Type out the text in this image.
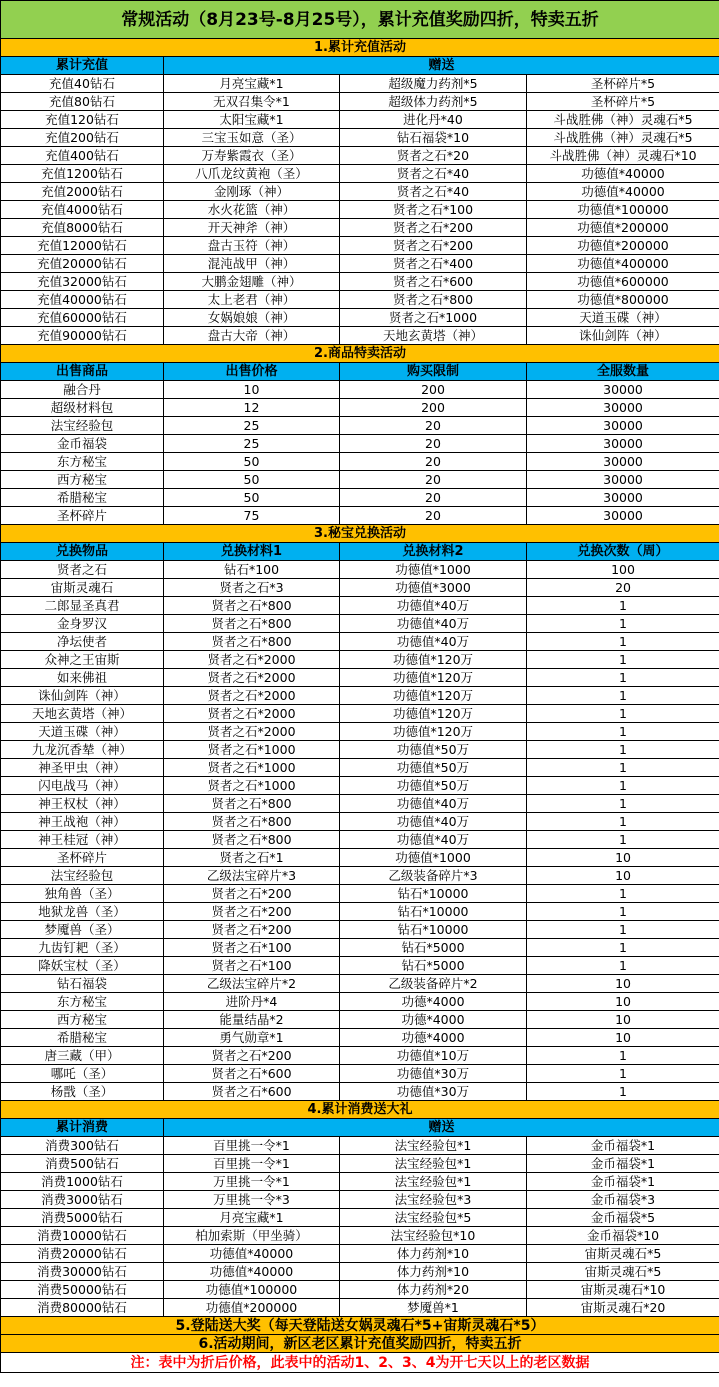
常规活动（8月23号-8月25号），累计充值奖励四折，特卖五折			
1.累计充值活动			
累计充值	赠送		
充值40钻石	月亮宝藏*1	超级魔力药剂*5	圣杯碎片*5
充值80钻石	无双召集令*1	超级体力药剂*5	圣杯碎片*5
充值120钻石	太阳宝藏*1	进化丹*40	斗战胜佛（神）灵魂石*5
充值200钻石	三宝玉如意（圣）	钻石福袋*10	斗战胜佛（神）灵魂石*5
充值400钻石	万寿紫霞衣（圣）	贤者之石*20	斗战胜佛（神）灵魂石*10
充值1200钻石	八爪龙纹黄袍（圣）	贤者之石*40	功德值*40000
充值2000钻石	金刚琢（神）	贤者之石*40	功德值*40000
充值4000钻石	水火花篮（神）	贤者之石*100	功德值*100000
充值8000钻石	开天神斧（神）	贤者之石*200	功德值*200000
充值12000钻石	盘古玉符（神）	贤者之石*200	功德值*200000
充值20000钻石	混沌战甲（神）	贤者之石*400	功德值*400000
充值32000钻石	大鹏金翅雕（神）	贤者之石*600	功德值*600000
充值40000钻石	太上老君（神）	贤者之石*800	功德值*800000
充值60000钻石	女娲娘娘（神）	贤者之石*1000	天道玉碟（神）
充值90000钻石	盘古大帝（神）	天地玄黄塔（神）	诛仙剑阵（神）
2.商品特卖活动			
出售商品	出售价格	购买限制	全服数量
融合丹	10	200	30000
超级材料包	12	200	30000
法宝经验包	25	20	30000
金币福袋	25	20	30000
东方秘宝	50	20	30000
西方秘宝	50	20	30000
希腊秘宝	50	20	30000
圣杯碎片	75	20	30000
3.秘宝兑换活动			
兑换物品	兑换材料1	兑换材料2	兑换次数（周）
贤者之石	钻石*100	功德值*1000	100
宙斯灵魂石	贤者之石*3	功德值*3000	20
二郎显圣真君	贤者之石*800	功德值*40万	1
金身罗汉	贤者之石*800	功德值*40万	1
净坛使者	贤者之石*800	功德值*40万	1
众神之王宙斯	贤者之石*2000	功德值*120万	1
如来佛祖	贤者之石*2000	功德值*120万	1
诛仙剑阵（神）	贤者之石*2000	功德值*120万	1
天地玄黄塔（神）	贤者之石*2000	功德值*120万	1
天道玉碟（神）	贤者之石*2000	功德值*120万	1
九龙沉香辇（神）	贤者之石*1000	功德值*50万	1
神圣甲虫（神）	贤者之石*1000	功德值*50万	1
闪电战马（神）	贤者之石*1000	功德值*50万	1
神王权杖（神）	贤者之石*800	功德值*40万	1
神王战袍（神）	贤者之石*800	功德值*40万	1
神王桂冠（神）	贤者之石*800	功德值*40万	1
圣杯碎片	贤者之石*1	功德值*1000	10
法宝经验包	乙级法宝碎片*3	乙级装备碎片*3	10
独角兽（圣）	贤者之石*200	钻石*10000	1
地狱龙兽（圣）	贤者之石*200	钻石*10000	1
梦魇兽（圣）	贤者之石*200	钻石*10000	1
九齿钉耙（圣）	贤者之石*100	钻石*5000	1
降妖宝杖（圣）	贤者之石*100	钻石*5000	1
钻石福袋	乙级法宝碎片*2	乙级装备碎片*2	10
东方秘宝	进阶丹*4	功德*4000	10
西方秘宝	能量结晶*2	功德*4000	10
希腊秘宝	勇气勋章*1	功德*4000	10
唐三藏（甲）	贤者之石*200	功德值*10万	1
哪吒（圣）	贤者之石*600	功德值*30万	1
杨戬（圣）	贤者之石*600	功德值*30万	1
4.累计消费送大礼			
累计消费	赠送		
消费300钻石	百里挑一令*1	法宝经验包*1	金币福袋*1
消费500钻石	百里挑一令*1	法宝经验包*1	金币福袋*1
消费1000钻石	万里挑一令*1	法宝经验包*1	金币福袋*1
消费3000钻石	万里挑一令*3	法宝经验包*3	金币福袋*3
消费5000钻石	月亮宝藏*1	法宝经验包*5	金币福袋*5
消费10000钻石	柏加索斯（甲坐骑）	法宝经验包*10	金币福袋*10
消费20000钻石	功德值*40000	体力药剂*10	宙斯灵魂石*5
消费30000钻石	功德值*40000	体力药剂*10	宙斯灵魂石*5
消费50000钻石	功德值*100000	体力药剂*20	宙斯灵魂石*10
消费80000钻石	功德值*200000	梦魇兽*1	宙斯灵魂石*20
5.登陆送大奖（每天登陆送女娲灵魂石*5+宙斯灵魂石*5）			
6.活动期间，新区老区累计充值奖励四折，特卖五折			
注：表中为折后价格，此表中的活动1、2、3、4为开七天以上的老区数据			
